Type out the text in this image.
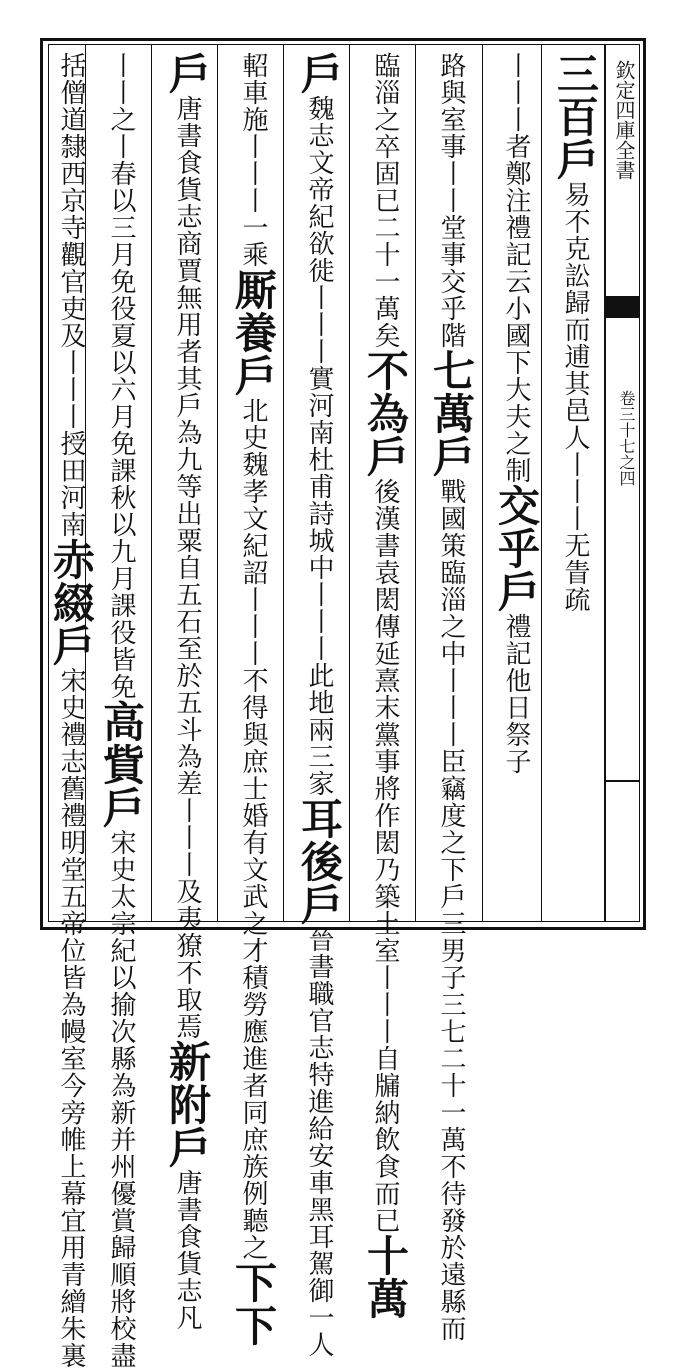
欽定四庫全書
卷三十七之四
三百戶易不克訟歸而逋其邑人丨丨丨无眚疏
丨丨丨者鄭注禮記云小國下大夫之制交乎戶禮記他日祭子
路與室事丨丨堂事交乎階七萬戶戰國策臨淄之中丨丨丨臣竊度之下戶三男子三七二十一萬不待發於遠縣而
臨淄之卒固已二十一萬矣不為戶後漢書袁閎傳延熹末黨事將作閎乃築土室丨丨丨自牖納飲食而已十萬
戶魏志文帝紀欲徙丨丨丨實河南杜甫詩城中丨丨丨此地兩三家耳後戶晉書職官志特進給安車黑耳駕御一人
軺車施丨丨丨一乘厮養戶北史魏孝文紀詔丨丨丨不得與庶士婚有文武之才積勞應進者同庶族例聽之下下
戶唐書食貨志商賈無用者其戶為九等出粟自五石至於五斗為差丨丨丨及夷獠不取焉新附戶唐書食貨志凡
丨丨之丨春以三月免役夏以六月免課秋以九月課役皆免高貲戶宋史太宗紀以揄次縣為新并州優賞歸順將校盡
括僧道隸西京寺觀官吏及丨丨丨授田河南赤綴戶宋史禮志舊禮明堂五帝位皆為幔室今旁帷上幕宜用青繒朱裏
